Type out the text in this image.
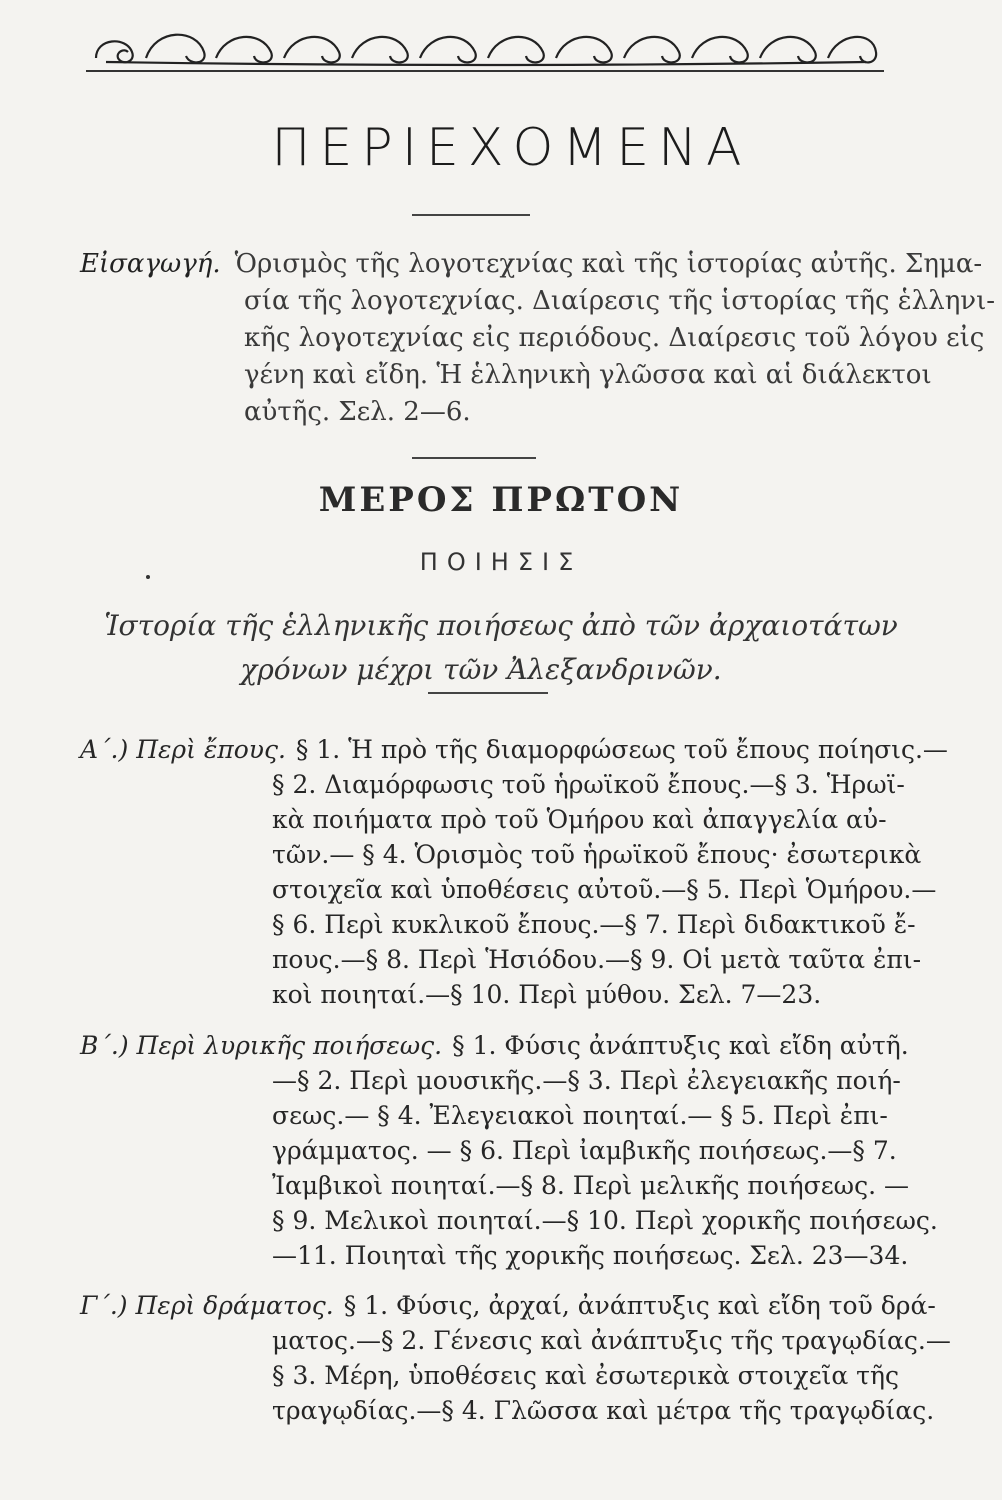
ΠΕΡΙΕΧΟΜΕΝΑ
Εἰσαγωγή. Ὁρισμὸς τῆς λογοτεχνίας καὶ τῆς ἱστορίας αὐτῆς. Σημα-
σία τῆς λογοτεχνίας. Διαίρεσις τῆς ἱστορίας τῆς ἑλληνι-
κῆς λογοτεχνίας εἰς περιόδους. Διαίρεσις τοῦ λόγου εἰς
γένη καὶ εἴδη. Ἡ ἑλληνικὴ γλῶσσα καὶ αἱ διάλεκτοι
αὐτῆς. Σελ. 2—6.
ΜΕΡΟΣ ΠΡΩΤΟΝ
ΠΟΙΗΣΙΣ
Ἱστορία τῆς ἑλληνικῆς ποιήσεως ἀπὸ τῶν ἀρχαιοτάτων
χρόνων μέχρι τῶν Ἀλεξανδρινῶν.
Α΄.) Περὶ ἔπους. § 1. Ἡ πρὸ τῆς διαμορφώσεως τοῦ ἔπους ποίησις.—
§ 2. Διαμόρφωσις τοῦ ἡρωϊκοῦ ἔπους.—§ 3. Ἡρωϊ-
κὰ ποιήματα πρὸ τοῦ Ὁμήρου καὶ ἀπαγγελία αὐ-
τῶν.— § 4. Ὁρισμὸς τοῦ ἡρωϊκοῦ ἔπους· ἐσωτερικὰ
στοιχεῖα καὶ ὑποθέσεις αὐτοῦ.—§ 5. Περὶ Ὁμήρου.—
§ 6. Περὶ κυκλικοῦ ἔπους.—§ 7. Περὶ διδακτικοῦ ἔ-
πους.—§ 8. Περὶ Ἡσιόδου.—§ 9. Οἱ μετὰ ταῦτα ἐπι-
κοὶ ποιηταί.—§ 10. Περὶ μύθου. Σελ. 7—23.
Β΄.) Περὶ λυρικῆς ποιήσεως. § 1. Φύσις ἀνάπτυξις καὶ εἴδη αὐτῆ.
—§ 2. Περὶ μουσικῆς.—§ 3. Περὶ ἐλεγειακῆς ποιή-
σεως.— § 4. Ἐλεγειακοὶ ποιηταί.— § 5. Περὶ ἐπι-
γράμματος. — § 6. Περὶ ἰαμβικῆς ποιήσεως.—§ 7.
Ἰαμβικοὶ ποιηταί.—§ 8. Περὶ μελικῆς ποιήσεως. —
§ 9. Μελικοὶ ποιηταί.—§ 10. Περὶ χορικῆς ποιήσεως.
—11. Ποιηταὶ τῆς χορικῆς ποιήσεως. Σελ. 23—34.
Γ΄.) Περὶ δράματος. § 1. Φύσις, ἀρχαί, ἀνάπτυξις καὶ εἴδη τοῦ δρά-
ματος.—§ 2. Γένεσις καὶ ἀνάπτυξις τῆς τραγῳδίας.—
§ 3. Μέρη, ὑποθέσεις καὶ ἐσωτερικὰ στοιχεῖα τῆς
τραγῳδίας.—§ 4. Γλῶσσα καὶ μέτρα τῆς τραγῳδίας.
